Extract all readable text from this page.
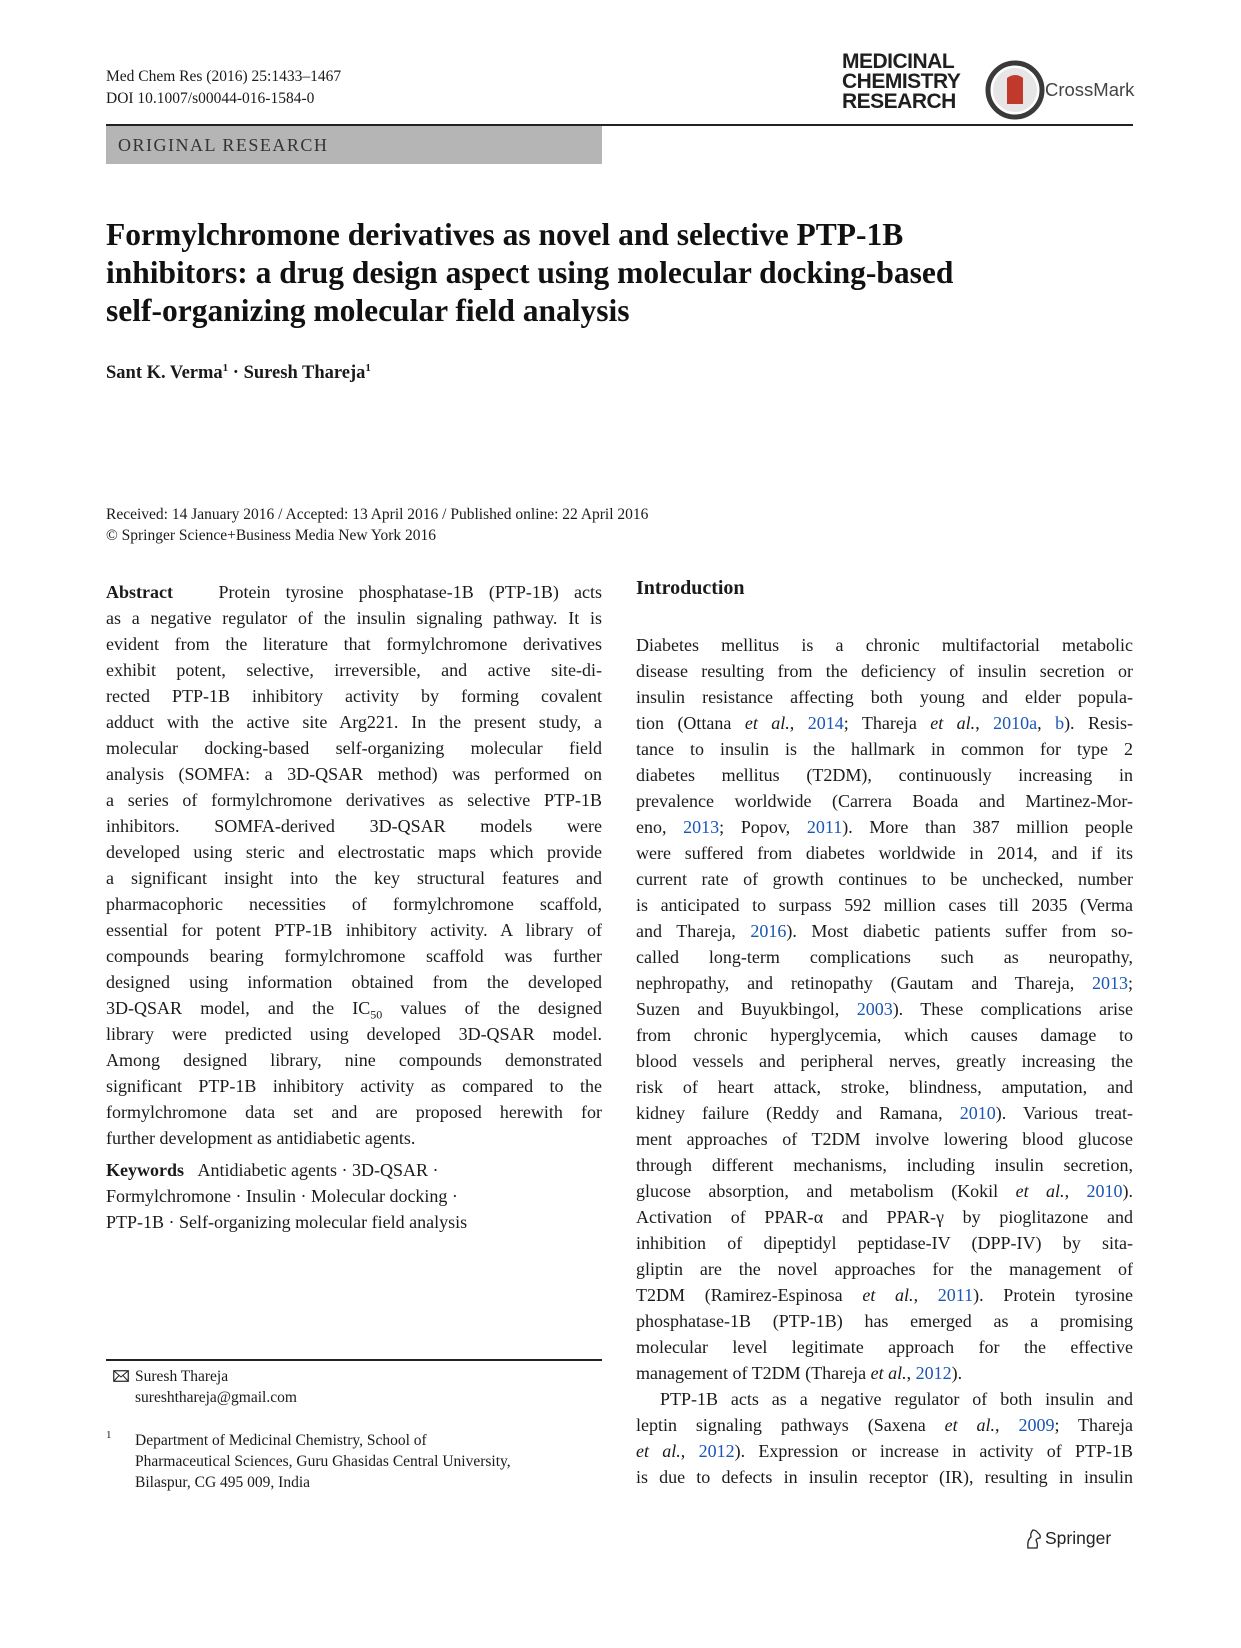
Med Chem Res (2016) 25:1433–1467
DOI 10.1007/s00044-016-1584-0
MEDICINAL
CHEMISTRY
RESEARCH
CrossMark
ORIGINAL RESEARCH
Formylchromone derivatives as novel and selective PTP-1B
inhibitors: a drug design aspect using molecular docking-based
self-organizing molecular field analysis
Sant K. Verma$^1$ · Suresh Thareja$^1$
Received: 14 January 2016 / Accepted: 13 April 2016 / Published online: 22 April 2016
© Springer Science+Business Media New York 2016
Abstract	Protein tyrosine phosphatase-1B (PTP-1B) acts
as a negative regulator of the insulin signaling pathway. It is
evident from the literature that formylchromone derivatives
exhibit potent, selective, irreversible, and active site-di-
rected PTP-1B inhibitory activity by forming covalent
adduct with the active site Arg221. In the present study, a
molecular docking-based self-organizing molecular field
analysis (SOMFA: a 3D-QSAR method) was performed on
a series of formylchromone derivatives as selective PTP-1B
inhibitors. SOMFA-derived 3D-QSAR models were
developed using steric and electrostatic maps which provide
a significant insight into the key structural features and
pharmacophoric necessities of formylchromone scaffold,
essential for potent PTP-1B inhibitory activity. A library of
compounds bearing formylchromone scaffold was further
designed using information obtained from the developed
3D-QSAR model, and the $IC_{50}$ values of the designed
library were predicted using developed 3D-QSAR model.
Among designed library, nine compounds demonstrated
significant PTP-1B inhibitory activity as compared to the
formylchromone data set and are proposed herewith for
further development as antidiabetic agents.
Keywords Antidiabetic agents · 3D-QSAR ·
Formylchromone · Insulin · Molecular docking ·
PTP-1B · Self-organizing molecular field analysis
Suresh Thareja
sureshthareja@gmail.com
1 Department of Medicinal Chemistry, School of
Pharmaceutical Sciences, Guru Ghasidas Central University,
Bilaspur, CG 495 009, India
Introduction
Diabetes mellitus is a chronic multifactorial metabolic
disease resulting from the deficiency of insulin secretion or
insulin resistance affecting both young and elder popula-
tion (Ottana et al., 2014; Thareja et al., 2010a, b). Resis-
tance to insulin is the hallmark in common for type 2
diabetes mellitus (T2DM), continuously increasing in
prevalence worldwide (Carrera Boada and Martinez-Mor-
eno, 2013; Popov, 2011). More than 387 million people
were suffered from diabetes worldwide in 2014, and if its
current rate of growth continues to be unchecked, number
is anticipated to surpass 592 million cases till 2035 (Verma
and Thareja, 2016). Most diabetic patients suffer from so-
called long-term complications such as neuropathy,
nephropathy, and retinopathy (Gautam and Thareja, 2013;
Suzen and Buyukbingol, 2003). These complications arise
from chronic hyperglycemia, which causes damage to
blood vessels and peripheral nerves, greatly increasing the
risk of heart attack, stroke, blindness, amputation, and
kidney failure (Reddy and Ramana, 2010). Various treat-
ment approaches of T2DM involve lowering blood glucose
through different mechanisms, including insulin secretion,
glucose absorption, and metabolism (Kokil et al., 2010).
Activation of PPAR-α and PPAR-γ by pioglitazone and
inhibition of dipeptidyl peptidase-IV (DPP-IV) by sita-
gliptin are the novel approaches for the management of
T2DM (Ramirez-Espinosa et al., 2011). Protein tyrosine
phosphatase-1B (PTP-1B) has emerged as a promising
molecular level legitimate approach for the effective
management of T2DM (Thareja et al., 2012).
PTP-1B acts as a negative regulator of both insulin and
leptin signaling pathways (Saxena et al., 2009; Thareja
et al., 2012). Expression or increase in activity of PTP-1B
is due to defects in insulin receptor (IR), resulting in insulin
Springer
